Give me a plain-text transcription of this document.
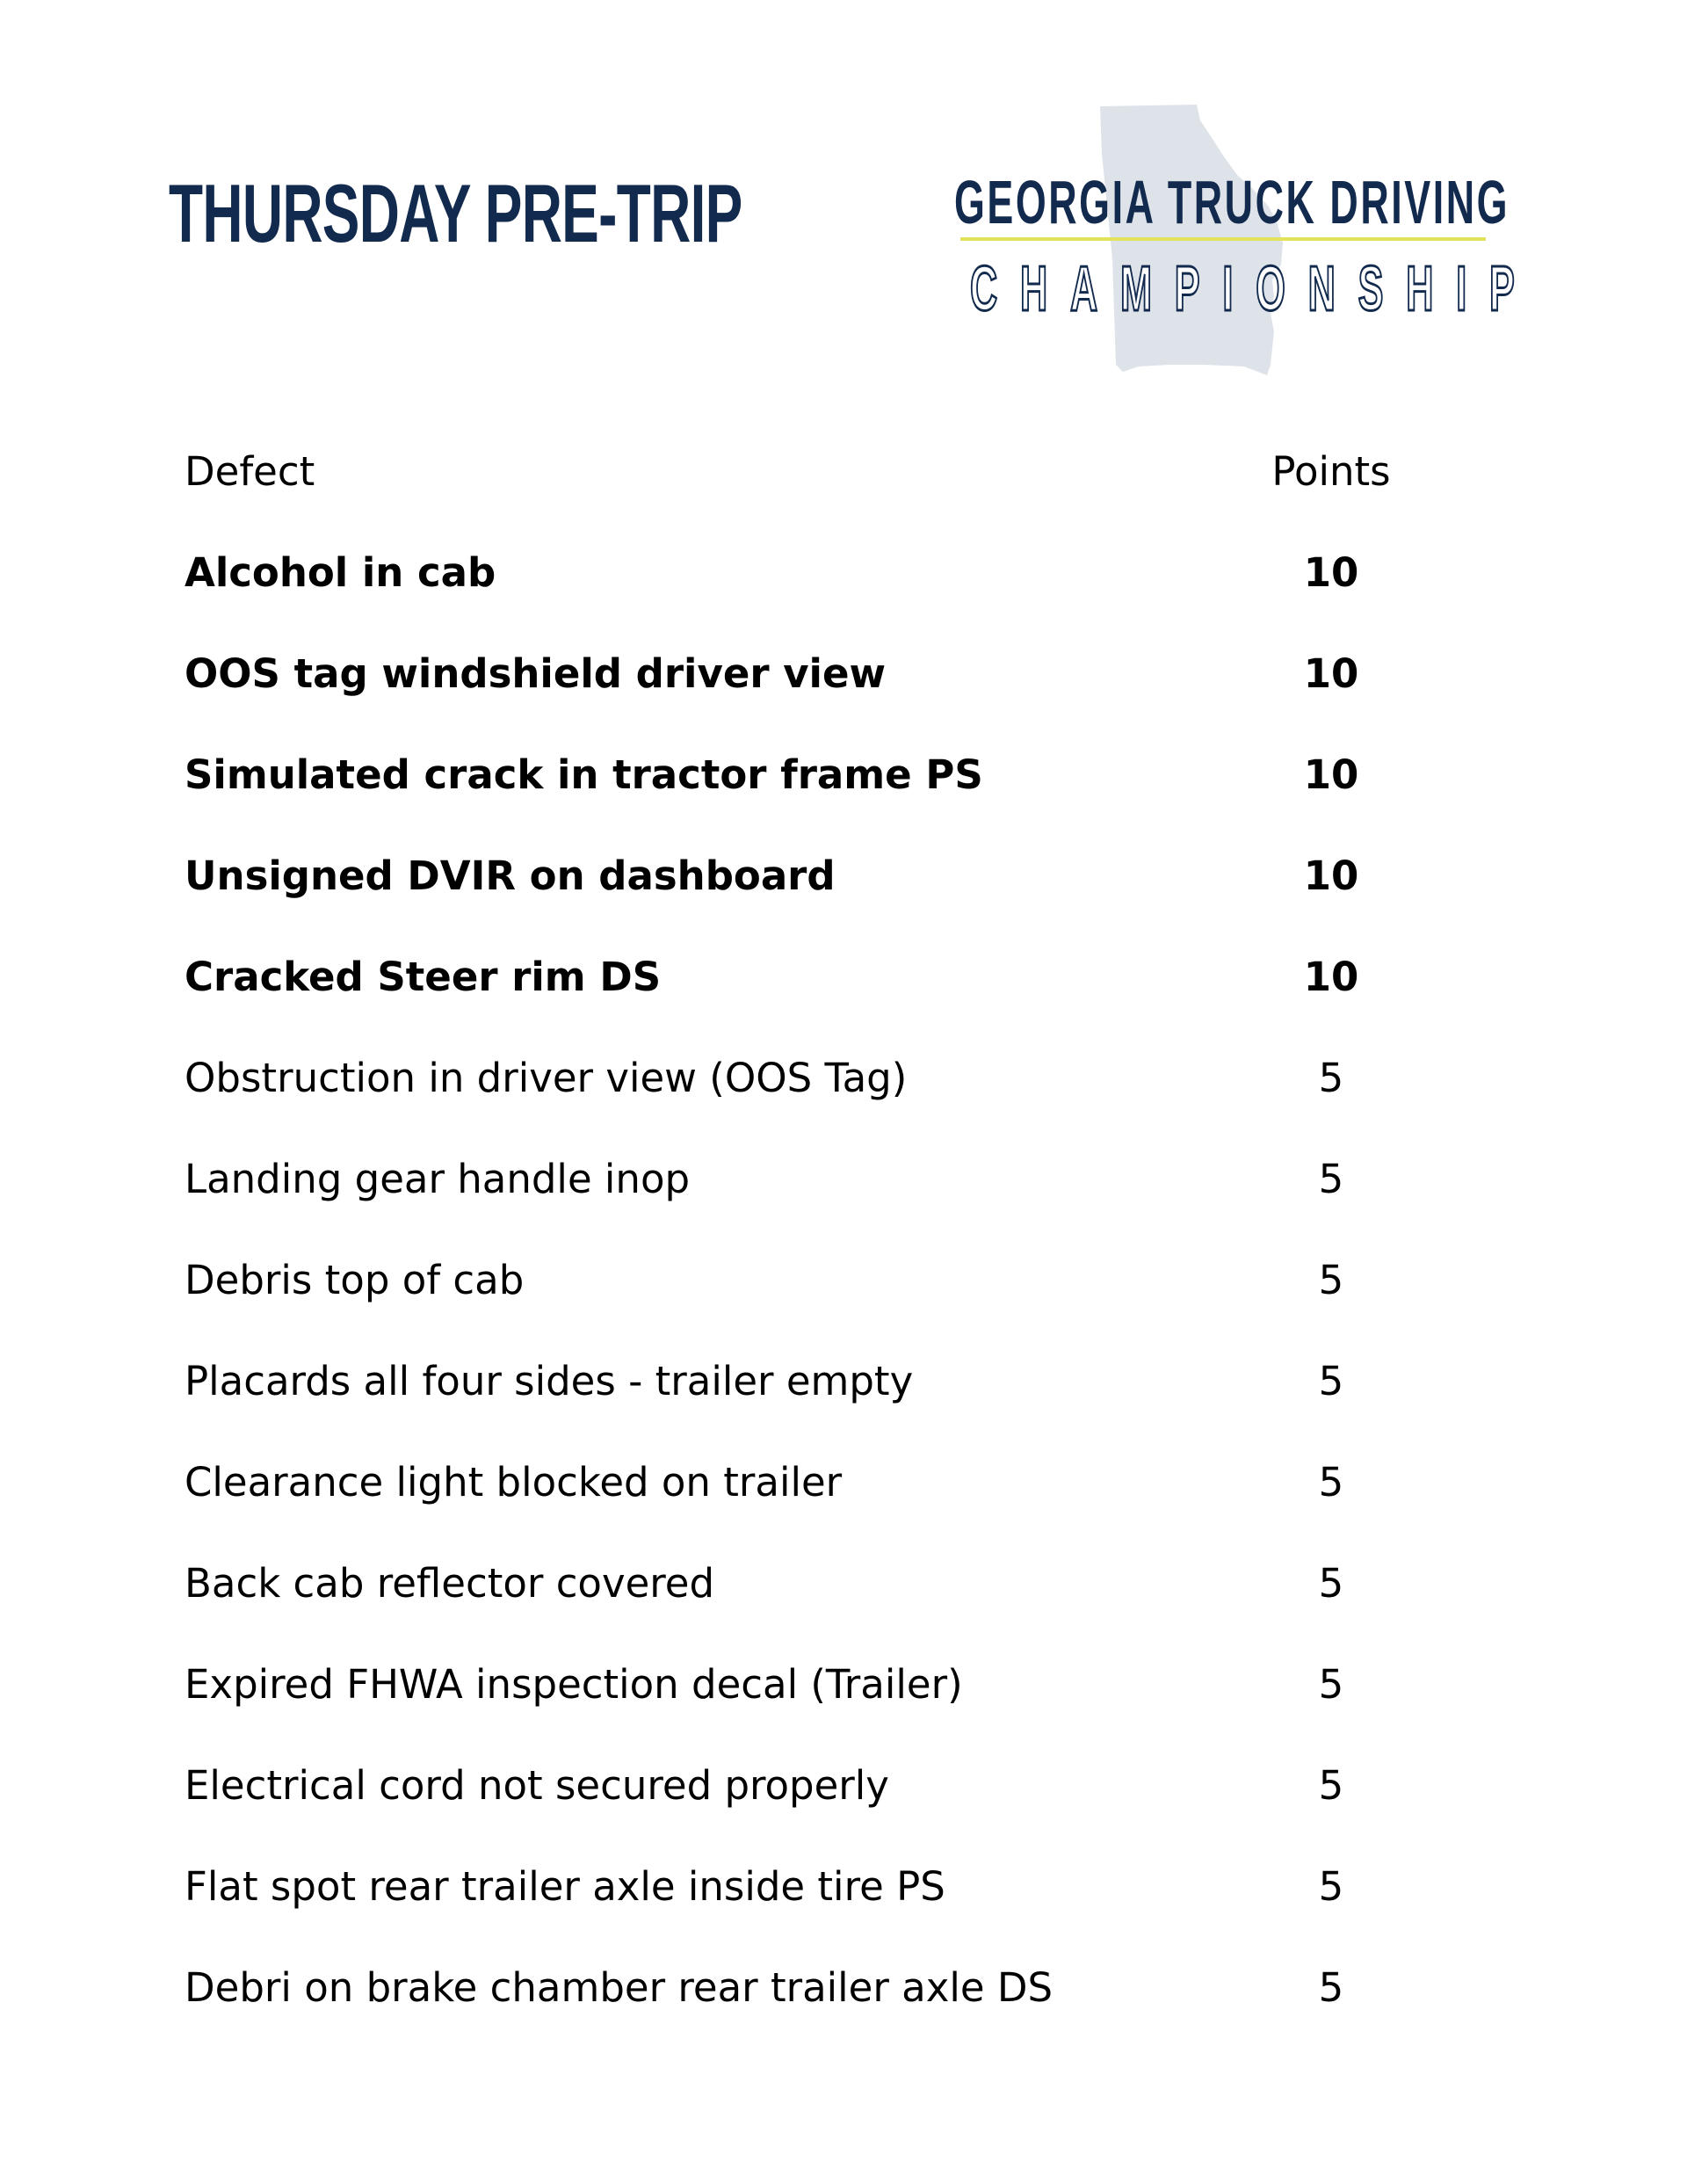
THURSDAY PRE-TRIP	GEORGIA TRUCK DRIVING
CHAMPIONSHIP
Defect	Points
Alcohol in cab	10
OOS tag windshield driver view	10
Simulated crack in tractor frame PS	10
Unsigned DVIR on dashboard	10
Cracked Steer rim DS	10
Obstruction in driver view (OOS Tag)	5
Landing gear handle inop	5
Debris top of cab	5
Placards all four sides - trailer empty	5
Clearance light blocked on trailer	5
Back cab reflector covered	5
Expired FHWA inspection decal (Trailer)	5
Electrical cord not secured properly	5
Flat spot rear trailer axle inside tire PS	5
Debri on brake chamber rear trailer axle DS	5
